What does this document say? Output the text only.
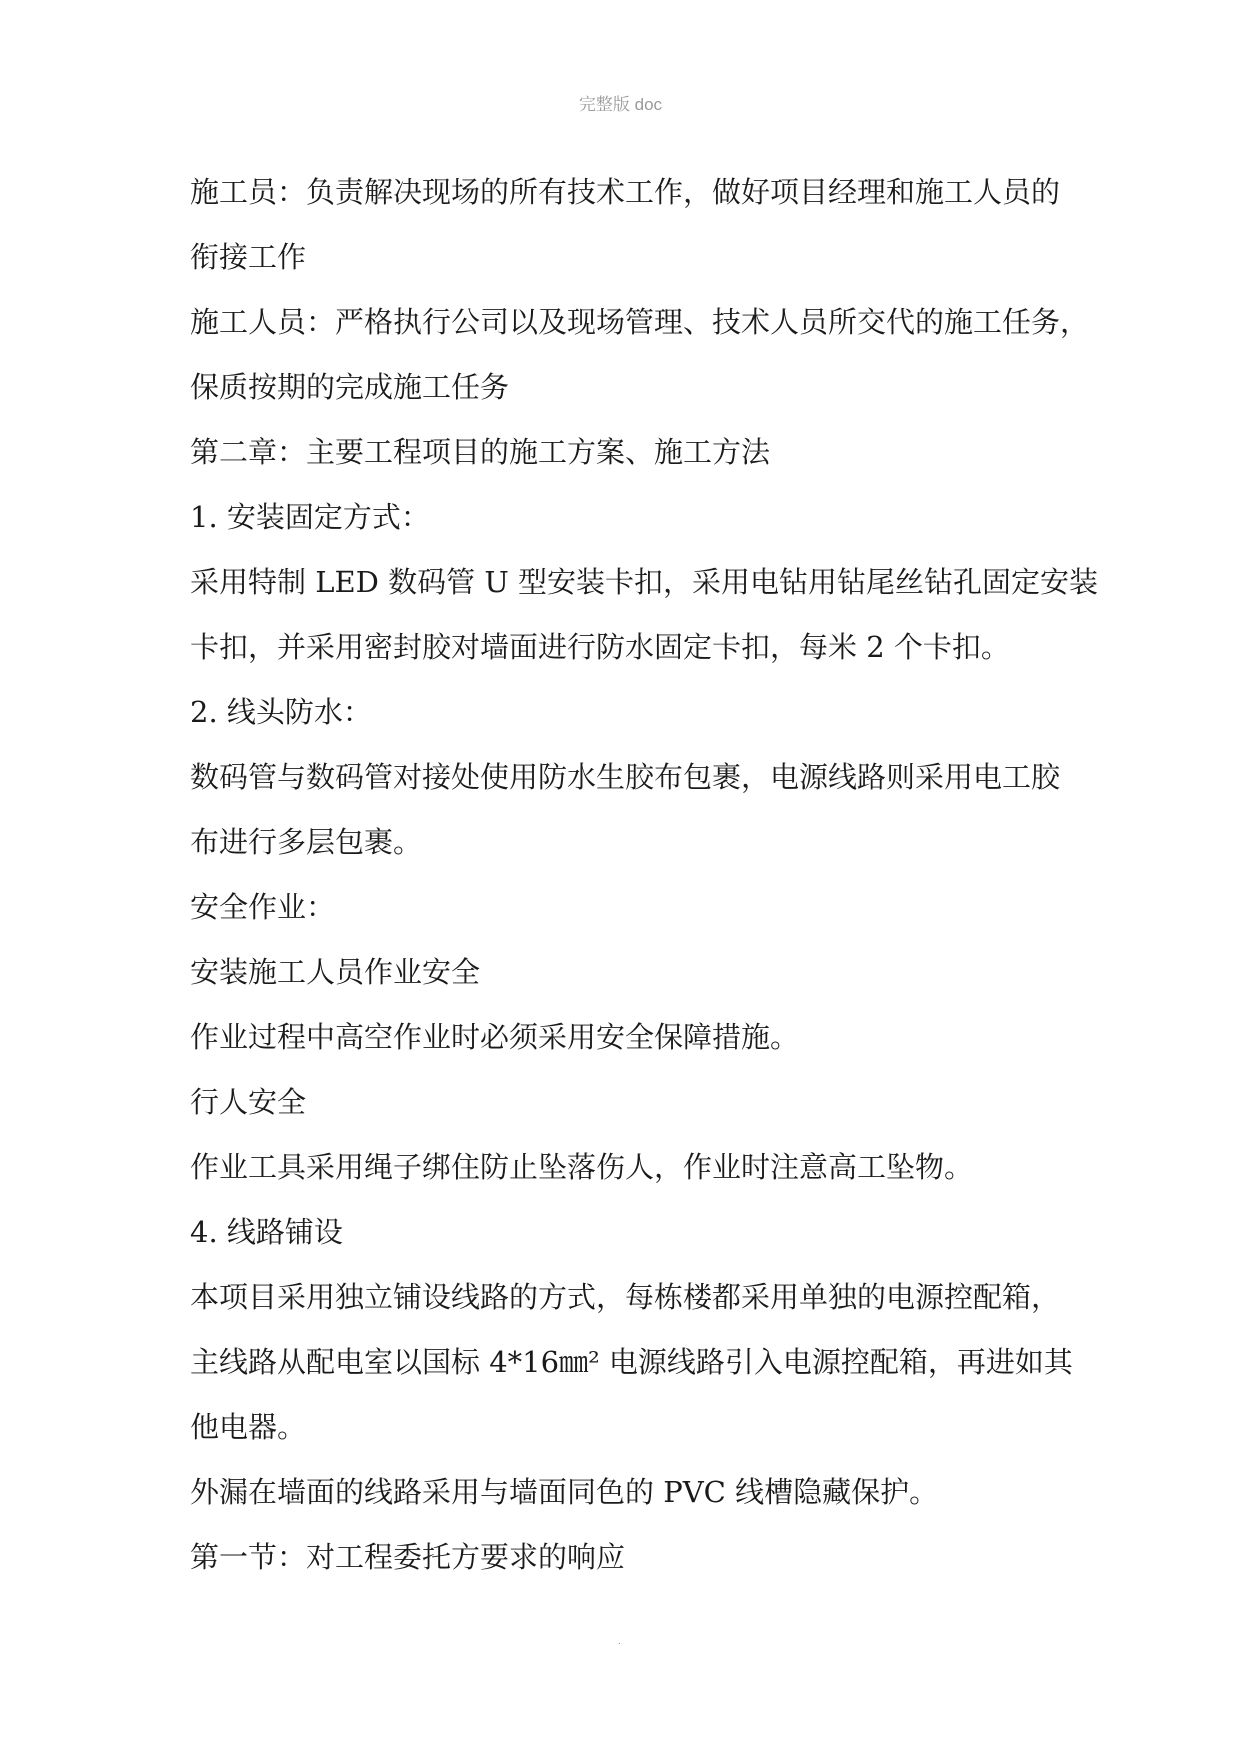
完整版 doc
施工员：负责解决现场的所有技术工作，做好项目经理和施工人员的
衔接工作
施工人员：严格执行公司以及现场管理、技术人员所交代的施工任务，
保质按期的完成施工任务
第二章：主要工程项目的施工方案、施工方法
1. 安装固定方式：
采用特制 LED 数码管 U 型安装卡扣，采用电钻用钻尾丝钻孔固定安装
卡扣，并采用密封胶对墙面进行防水固定卡扣，每米 2 个卡扣。
2. 线头防水：
数码管与数码管对接处使用防水生胶布包裹，电源线路则采用电工胶
布进行多层包裹。
安全作业：
安装施工人员作业安全
作业过程中高空作业时必须采用安全保障措施。
行人安全
作业工具采用绳子绑住防止坠落伤人，作业时注意高工坠物。
4. 线路铺设
本项目采用独立铺设线路的方式，每栋楼都采用单独的电源控配箱，
主线路从配电室以国标 4*16㎜² 电源线路引入电源控配箱，再进如其
他电器。
外漏在墙面的线路采用与墙面同色的 PVC 线槽隐藏保护。
第一节：对工程委托方要求的响应
.
